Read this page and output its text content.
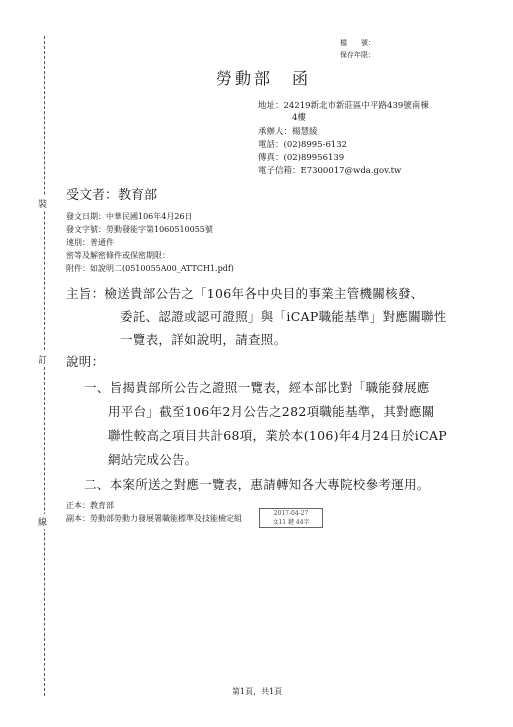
裝
訂
線
檔　　號：
保存年限：
勞動部　函
地址：24219新北市新莊區中平路439號南棟
4樓
承辦人：楊慧綾
電話：(02)8995-6132
傳真：(02)89956139
電子信箱：E7300017@wda.gov.tw
受文者：教育部
發文日期：中華民國106年4月26日
發文字號：勞動發能字第1060510055號
速別：普通件
密等及解密條件或保密期限：
附件：如說明二(0510055A00_ATTCH1.pdf)
主旨：檢送貴部公告之「106年各中央目的事業主管機關核發、
委託、認證或認可證照」與「iCAP職能基準」對應關聯性
一覽表，詳如說明，請查照。
說明：
一、旨揭貴部所公告之證照一覽表，經本部比對「職能發展應
用平台」截至106年2月公告之282項職能基準，其對應關
聯性較高之項目共計68項，業於本(106)年4月24日於iCAP
網站完成公告。
二、本案所送之對應一覽表，惠請轉知各大專院校參考運用。
正本：教育部
副本：勞動部勞動力發展署職能標準及技能檢定組
2017-04-27
文11 鍵 44字
第1頁，共1頁
